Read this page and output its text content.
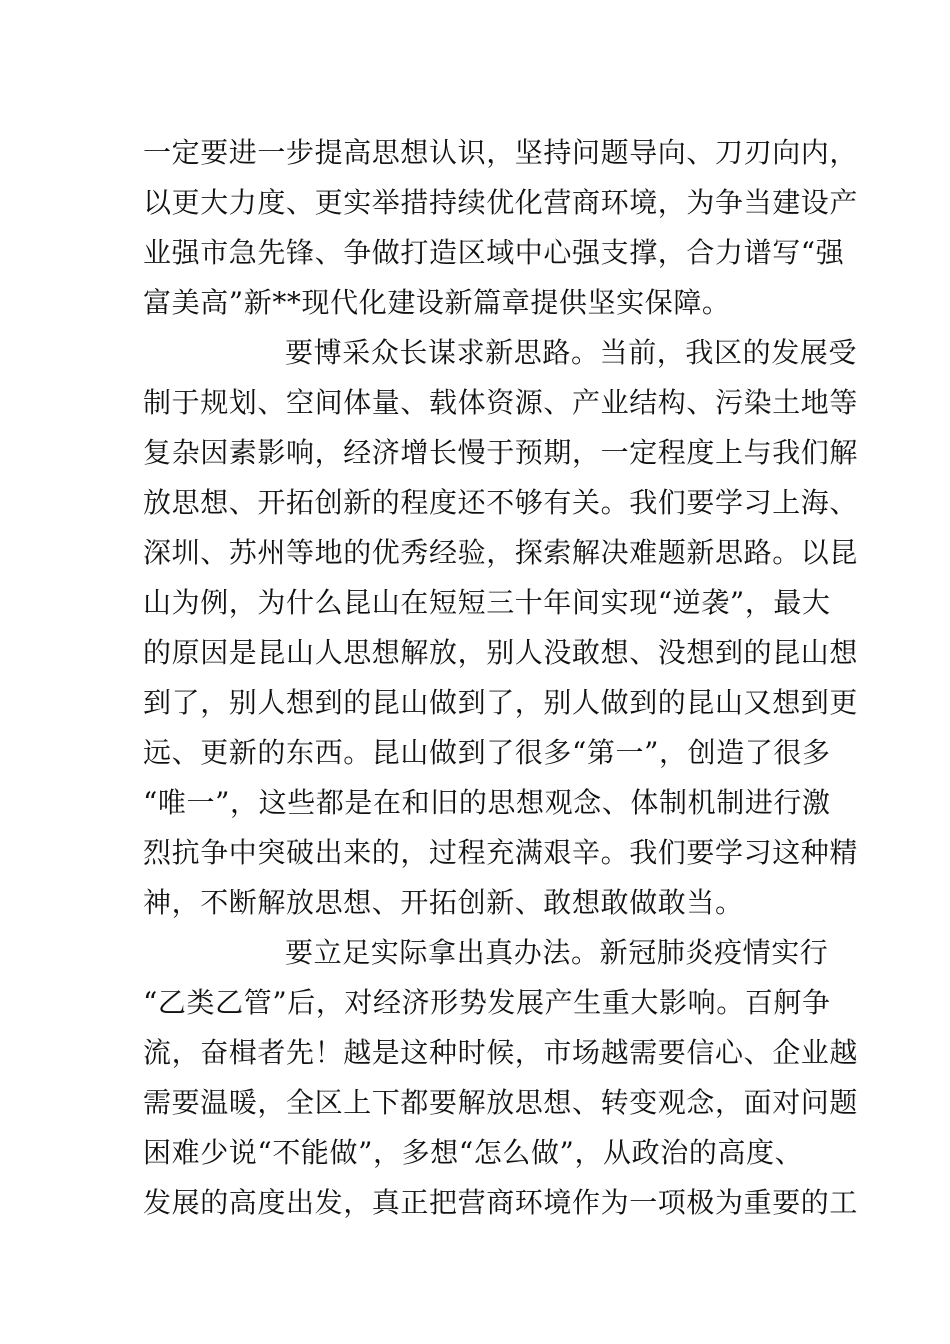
一定要进一步提高思想认识，坚持问题导向、刀刃向内，
以更大力度、更实举措持续优化营商环境，为争当建设产
业强市急先锋、争做打造区域中心强支撑，合力谱写“强
富美高”新**现代化建设新篇章提供坚实保障。
要博采众长谋求新思路。当前，我区的发展受
制于规划、空间体量、载体资源、产业结构、污染土地等
复杂因素影响，经济增长慢于预期，一定程度上与我们解
放思想、开拓创新的程度还不够有关。我们要学习上海、
深圳、苏州等地的优秀经验，探索解决难题新思路。以昆
山为例，为什么昆山在短短三十年间实现“逆袭”，最大
的原因是昆山人思想解放，别人没敢想、没想到的昆山想
到了，别人想到的昆山做到了，别人做到的昆山又想到更
远、更新的东西。昆山做到了很多“第一”，创造了很多
“唯一”，这些都是在和旧的思想观念、体制机制进行激
烈抗争中突破出来的，过程充满艰辛。我们要学习这种精
神，不断解放思想、开拓创新、敢想敢做敢当。
要立足实际拿出真办法。新冠肺炎疫情实行
“乙类乙管”后，对经济形势发展产生重大影响。百舸争
流，奋楫者先！越是这种时候，市场越需要信心、企业越
需要温暖，全区上下都要解放思想、转变观念，面对问题
困难少说“不能做”，多想“怎么做”，从政治的高度、
发展的高度出发，真正把营商环境作为一项极为重要的工
